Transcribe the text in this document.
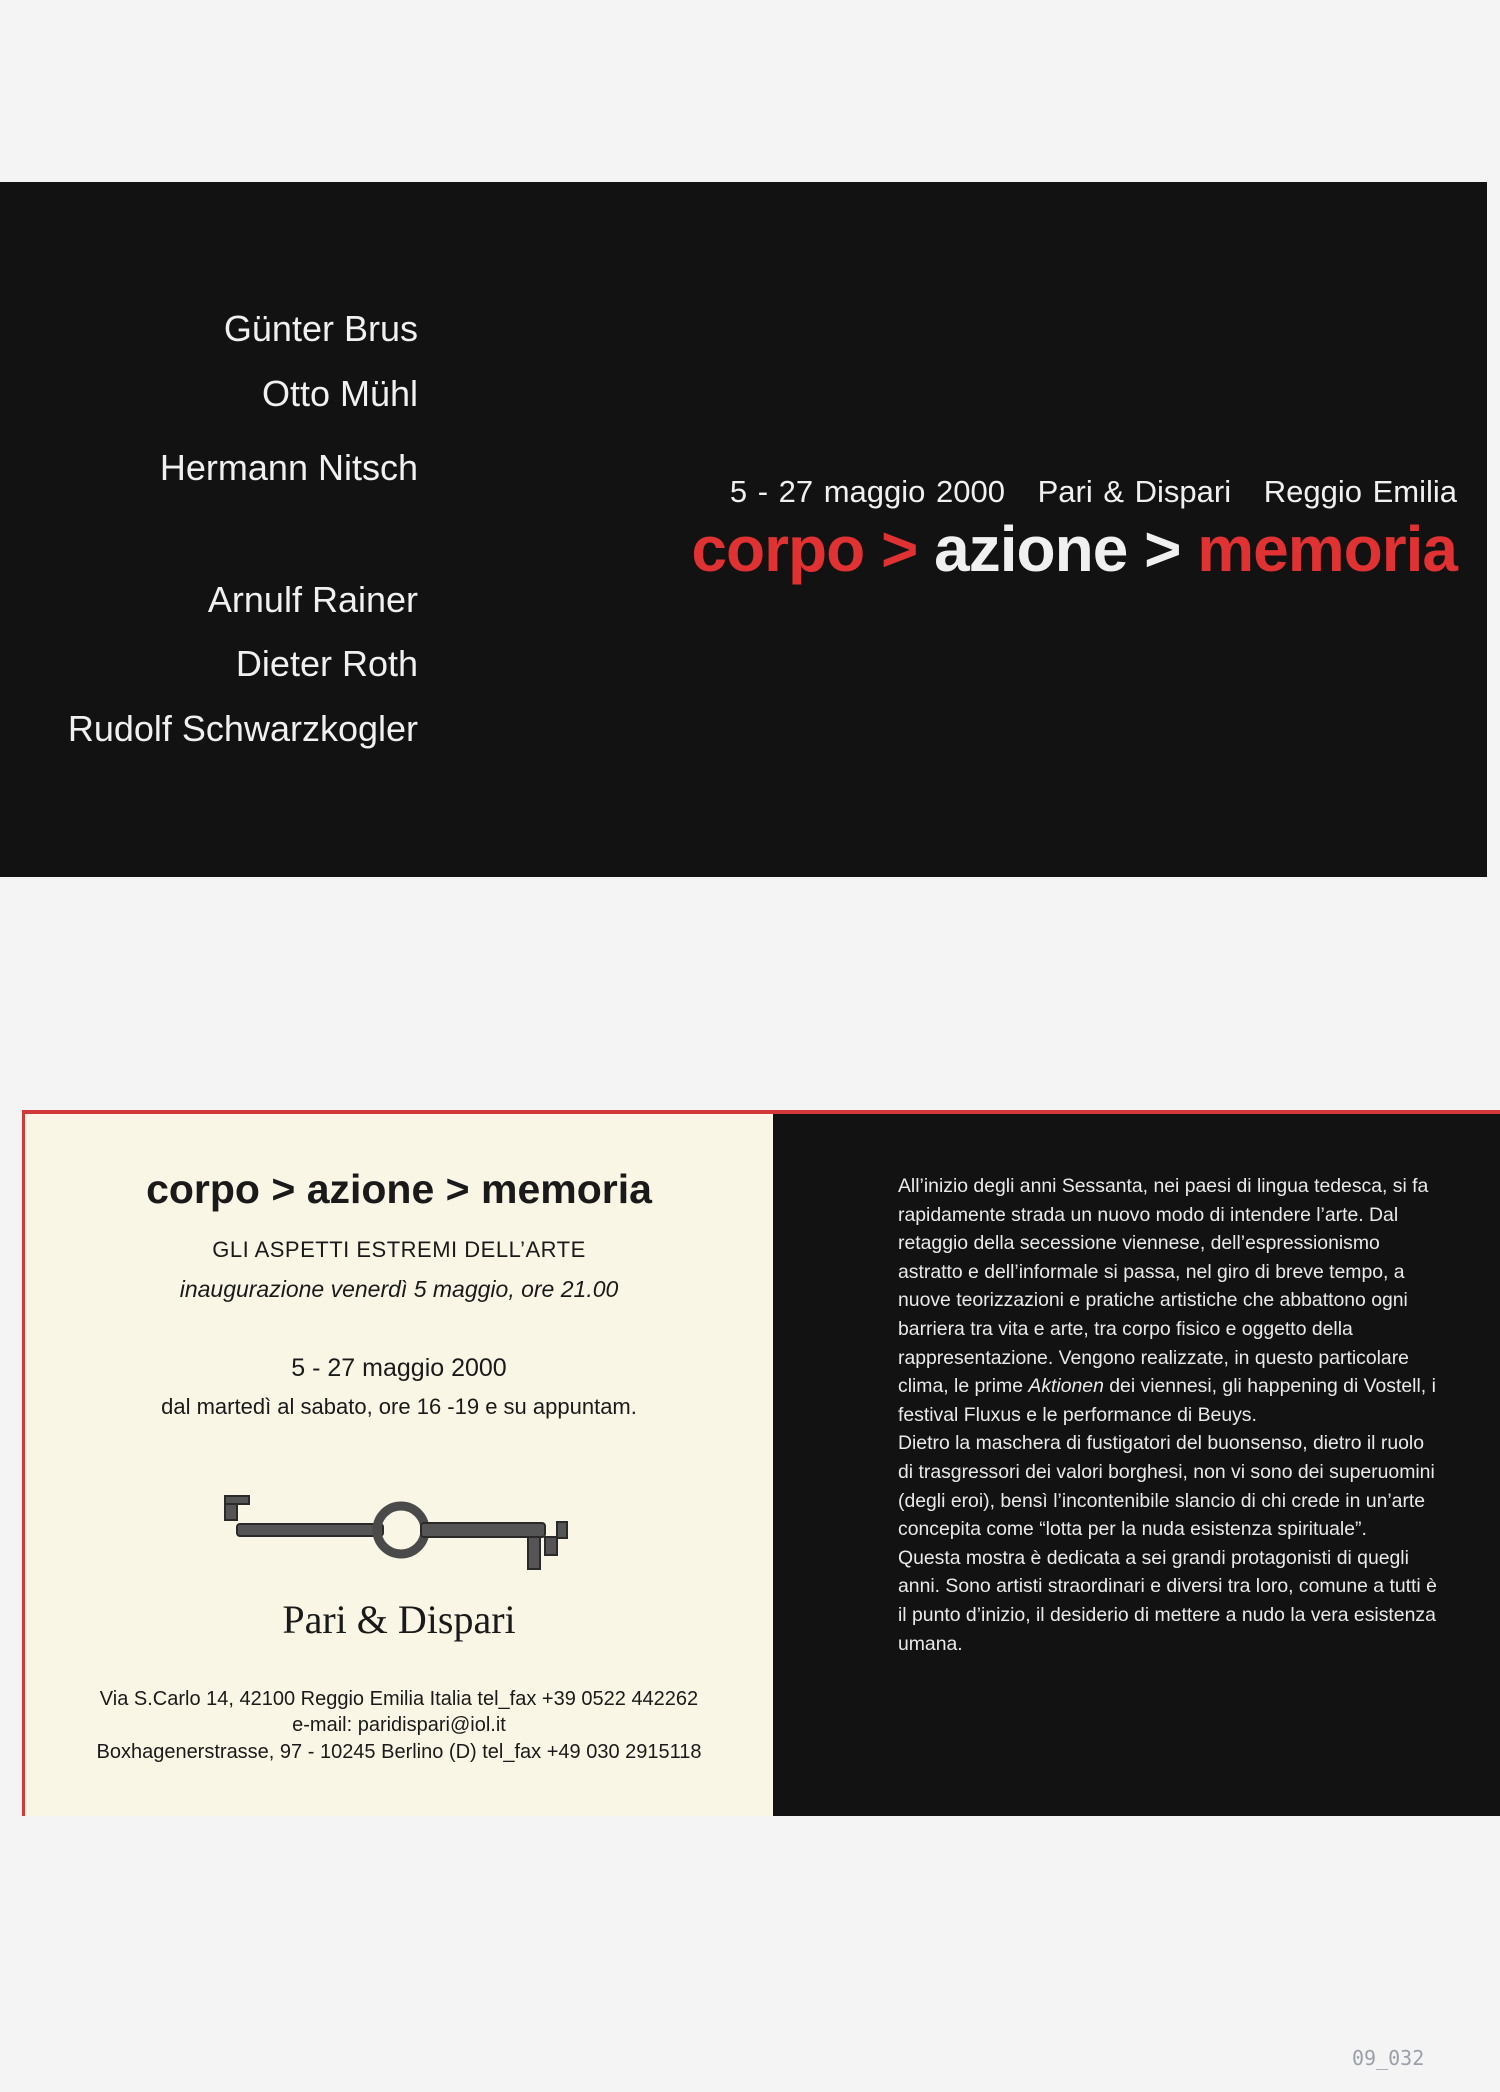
Günter Brus
Otto Mühl
Hermann Nitsch
Arnulf Rainer
Dieter Roth
Rudolf Schwarzkogler
5 - 27 maggio 2000 Pari & Dispari Reggio Emilia
corpo > azione > memoria
corpo > azione > memoria
GLI ASPETTI ESTREMI DELL’ARTE
inaugurazione venerdì 5 maggio, ore 21.00
5 - 27 maggio 2000
dal martedì al sabato, ore 16 -19 e su appuntam.
Pari & Dispari
Via S.Carlo 14, 42100 Reggio Emilia Italia tel_fax +39 0522 442262
e-mail: paridispari@iol.it
Boxhagenerstrasse, 97 - 10245 Berlino (D) tel_fax +49 030 2915118

All’inizio degli anni Sessanta, nei paesi di lingua tedesca, si fa rapidamente strada un nuovo modo di intendere l’arte. Dal retaggio della secessione viennese, dell’espressionismo astratto e dell’informale si passa, nel giro di breve tempo, a nuove teorizzazioni e pratiche artistiche che abbattono ogni barriera tra vita e arte, tra corpo fisico e oggetto della rappresentazione. Vengono realizzate, in questo particolare clima, le prime Aktionen dei viennesi, gli happening di Vostell, i festival Fluxus e le performance di Beuys.

Dietro la maschera di fustigatori del buonsenso, dietro il ruolo di trasgressori dei valori borghesi, non vi sono dei superuomini (degli eroi), bensì l’incontenibile slancio di chi crede in un’arte concepita come “lotta per la nuda esistenza spirituale”.

Questa mostra è dedicata a sei grandi protagonisti di quegli anni. Sono artisti straordinari e diversi tra loro, comune a tutti è il punto d’inizio, il desiderio di mettere a nudo la vera esistenza umana.

09_032
